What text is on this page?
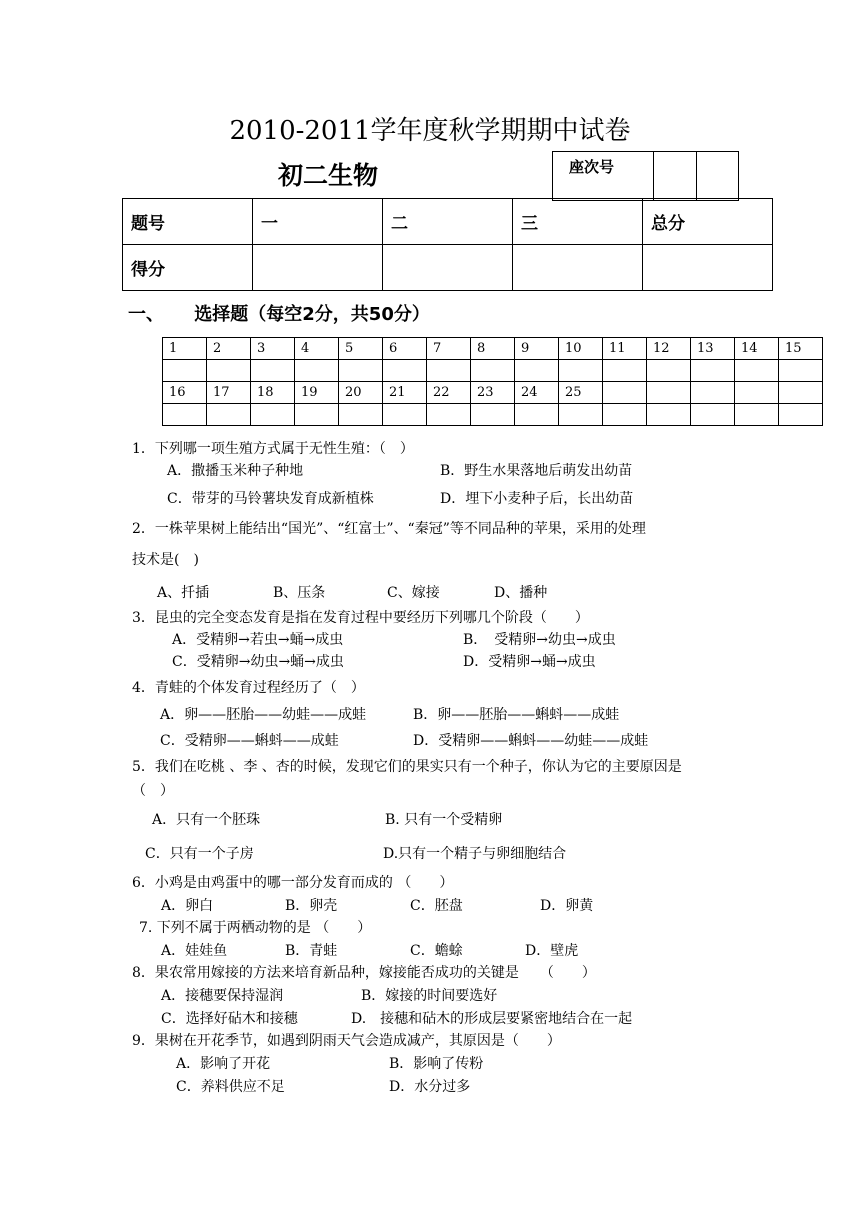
2010-2011学年度秋学期期中试卷
初二生物	座次号		
题号	一	二	三	总分
得分				
一、 选择题（每空2分，共50分）
1	2	3	4	5	6	7	8	9	10	11	12	13	14	15

16	17	18	19	20	21	22	23	24	25					

1．下列哪一项生殖方式属于无性生殖：（　）
A．撒播玉米种子种地	B．野生水果落地后萌发出幼苗
C．带芽的马铃薯块发育成新植株	D．埋下小麦种子后，长出幼苗
2．一株苹果树上能结出“国光”、“红富士”、“秦冠”等不同品种的苹果，采用的处理
技术是(　)
A、扦插	B、压条	C、嫁接	D、播种
3．昆虫的完全变态发育是指在发育过程中要经历下列哪几个阶段（　　）
A．受精卵→若虫→蛹→成虫	B．　受精卵→幼虫→成虫
C．受精卵→幼虫→蛹→成虫	D．受精卵→蛹→成虫
4．青蛙的个体发育过程经历了（　）
A．卵——胚胎——幼蛙——成蛙	B．卵——胚胎——蝌蚪——成蛙
C．受精卵——蝌蚪——成蛙	D．受精卵——蝌蚪——幼蛙——成蛙
5．我们在吃桃 、李 、杏的时候，发现它们的果实只有一个种子，你认为它的主要原因是
（　）
A．只有一个胚珠	B. 只有一个受精卵
C．只有一个子房	D.只有一个精子与卵细胞结合
6．小鸡是由鸡蛋中的哪一部分发育而成的 （　　）
A．卵白	B．卵壳	C．胚盘	D．卵黄
7. 下列不属于两栖动物的是 （　　）
A．娃娃鱼	B．青蛙	C．蟾蜍	D．壁虎
8．果农常用嫁接的方法来培育新品种，嫁接能否成功的关键是　　（　　）
A．接穗要保持湿润	B．嫁接的时间要选好
C．选择好砧木和接穗	D.　接穗和砧木的形成层要紧密地结合在一起
9．果树在开花季节，如遇到阴雨天气会造成减产，其原因是（　　）
A．影响了开花	B．影响了传粉
C．养料供应不足	D．水分过多
